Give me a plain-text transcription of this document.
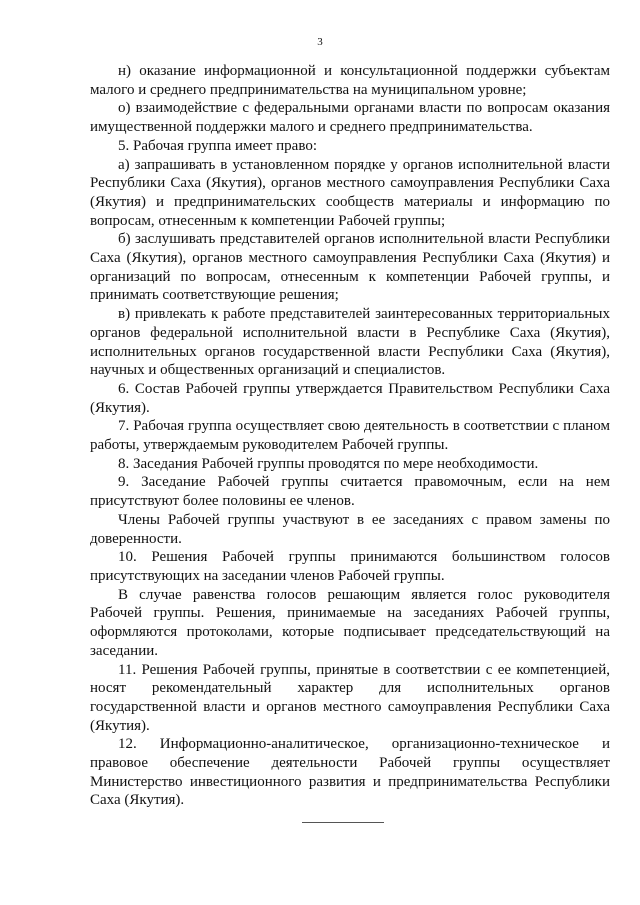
3

н) оказание информационной и консультационной поддержки субъектам малого и среднего предпринимательства на муниципальном уровне;

о) взаимодействие с федеральными органами власти по вопросам оказания имущественной поддержки малого и среднего предпринимательства.

5. Рабочая группа имеет право:

а) запрашивать в установленном порядке у органов исполнительной власти Республики Саха (Якутия), органов местного самоуправления Республики Саха (Якутия) и предпринимательских сообществ материалы и информацию по вопросам, отнесенным к компетенции Рабочей группы;

б) заслушивать представителей органов исполнительной власти Республики Саха (Якутия), органов местного самоуправления Республики Саха (Якутия) и организаций по вопросам, отнесенным к компетенции Рабочей группы, и принимать соответствующие решения;

в) привлекать к работе представителей заинтересованных территориальных органов федеральной исполнительной власти в Республике Саха (Якутия), исполнительных органов государственной власти Республики Саха (Якутия), научных и общественных организаций и специалистов.

6. Состав Рабочей группы утверждается Правительством Республики Саха (Якутия).

7. Рабочая группа осуществляет свою деятельность в соответствии с планом работы, утверждаемым руководителем Рабочей группы.

8. Заседания Рабочей группы проводятся по мере необходимости.

9. Заседание Рабочей группы считается правомочным, если на нем присутствуют более половины ее членов.

Члены Рабочей группы участвуют в ее заседаниях с правом замены по доверенности.

10. Решения Рабочей группы принимаются большинством голосов присутствующих на заседании членов Рабочей группы.

В случае равенства голосов решающим является голос руководителя Рабочей группы. Решения, принимаемые на заседаниях Рабочей группы, оформляются протоколами, которые подписывает председательствующий на заседании.

11. Решения Рабочей группы, принятые в соответствии с ее компетенцией, носят рекомендательный характер для исполнительных органов государственной власти и органов местного самоуправления Республики Саха (Якутия).

12. Информационно-аналитическое, организационно-техническое и правовое обеспечение деятельности Рабочей группы осуществляет Министерство инвестиционного развития и предпринимательства Республики Саха (Якутия).
